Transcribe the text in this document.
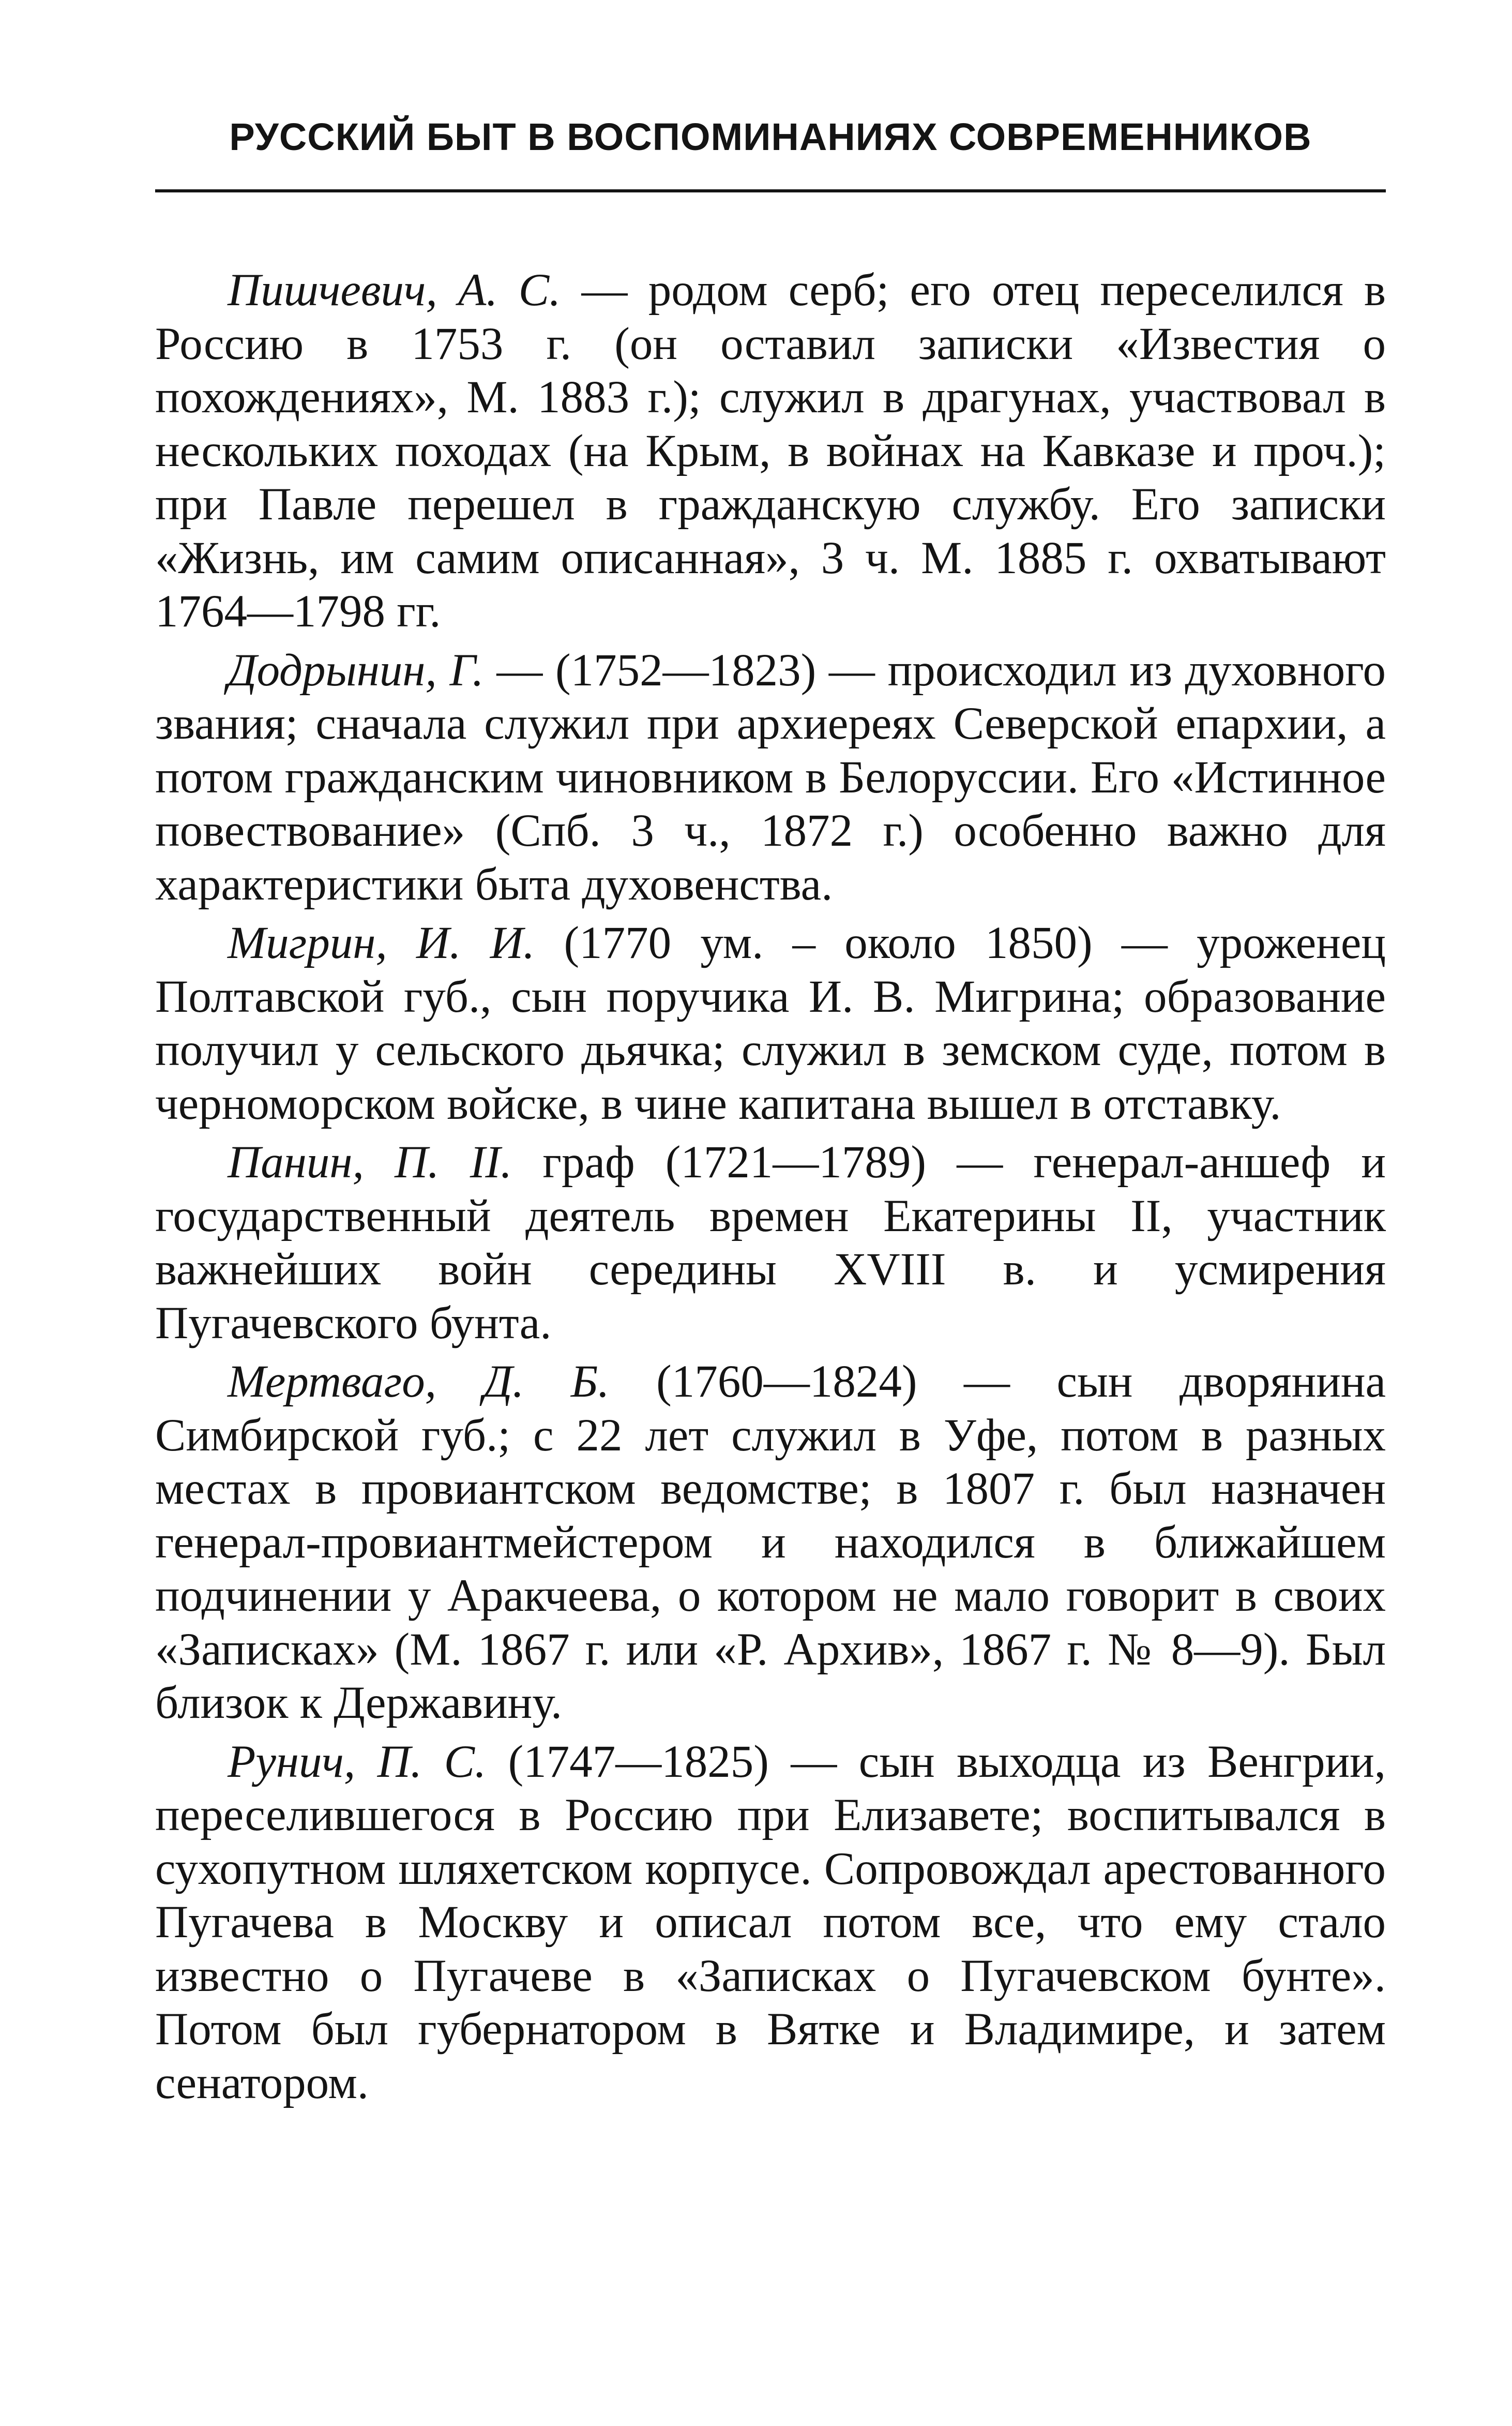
РУССКИЙ БЫТ В ВОСПОМИНАНИЯХ СОВРЕМЕННИКОВ

Пишчевич, А. С. — родом серб; его отец переселился в Россию в 1753 г. (он оставил записки «Известия о похождениях», М. 1883 г.); служил в драгунах, участвовал в нескольких походах (на Крым, в войнах на Кавказе и проч.); при Павле перешел в гражданскую службу. Его записки «Жизнь, им самим описанная», 3 ч. М. 1885 г. охватывают 1764—1798 гг.

Додрынин, Г. — (1752—1823) — происходил из духовного звания; сначала служил при архиереях Северской епархии, а потом гражданским чиновником в Белоруссии. Его «Истинное повествование» (Спб. 3 ч., 1872 г.) особенно важно для характеристики быта духовенства.

Мигрин, И. И. (1770 ум. – около 1850) — уроженец Полтавской губ., сын поручика И. В. Мигрина; образование получил у сельского дьячка; служил в земском суде, потом в черноморском войске, в чине капитана вышел в отставку.

Панин, П. II. граф (1721—1789) — генерал-аншеф и государственный деятель времен Екатерины II, участник важнейших войн середины XVIII в. и усмирения Пугачевского бунта.

Мертваго, Д. Б. (1760—1824) — сын дворянина Симбирской губ.; с 22 лет служил в Уфе, потом в разных местах в провиантском ведомстве; в 1807 г. был назначен генерал-провиантмейстером и находился в ближайшем подчинении у Аракчеева, о котором не мало говорит в своих «Записках» (М. 1867 г. или «Р. Архив», 1867 г. № 8—9). Был близок к Державину.

Рунич, П. С. (1747—1825) — сын выходца из Венгрии, переселившегося в Россию при Елизавете; воспитывался в сухопутном шляхетском корпусе. Сопровождал арестованного Пугачева в Москву и описал потом все, что ему стало известно о Пугачеве в «Записках о Пугачевском бунте». Потом был губернатором в Вятке и Владимире, и затем сенатором.
